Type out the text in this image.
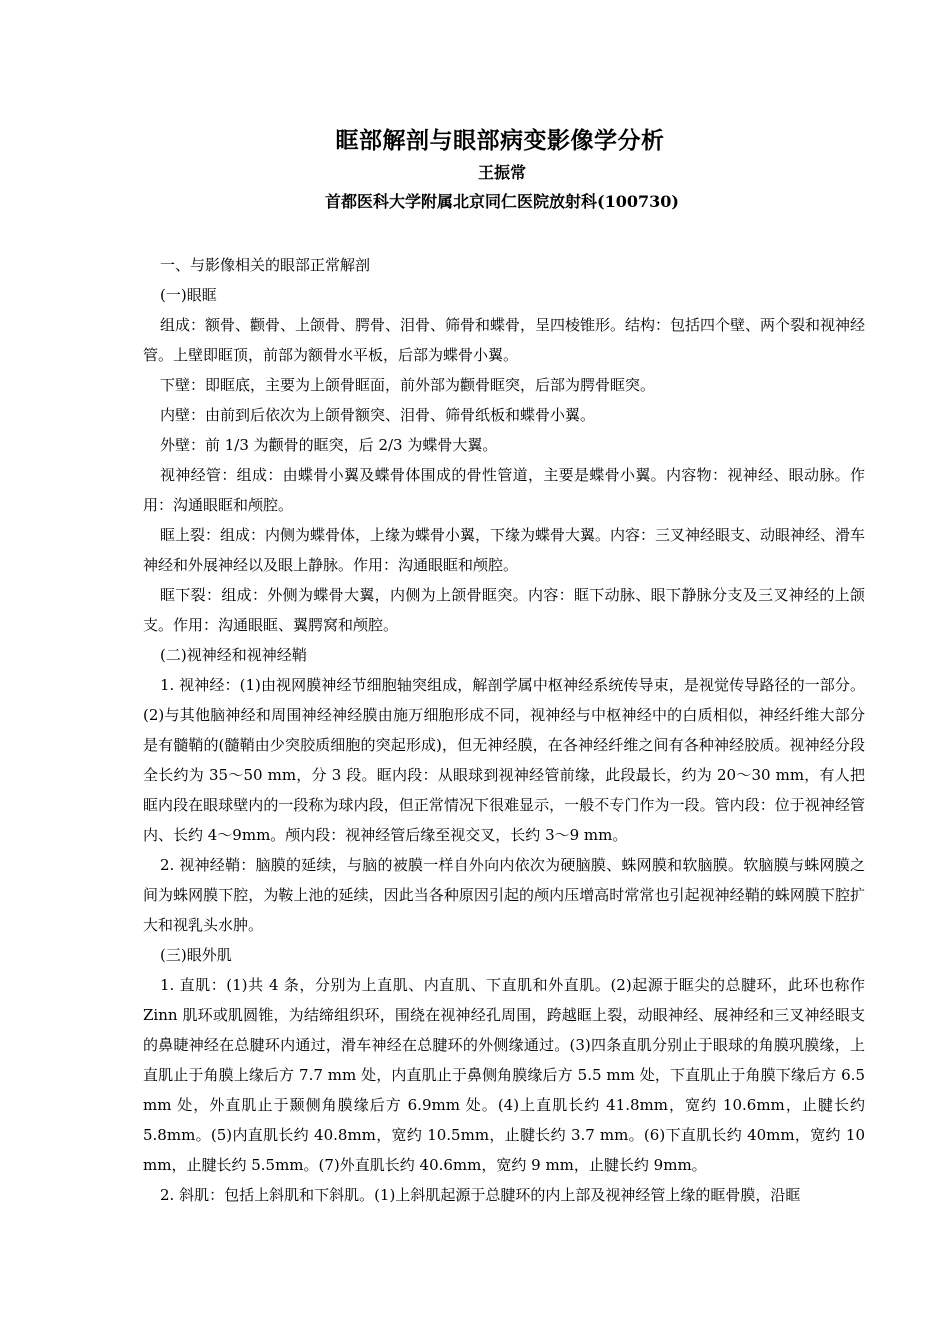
眶部解剖与眼部病变影像学分析
王振常
首都医科大学附属北京同仁医院放射科(100730)

一、与影像相关的眼部正常解剖

(一)眼眶

组成：额骨、颧骨、上颌骨、腭骨、泪骨、筛骨和蝶骨，呈四棱锥形。结构：包括四个壁、两个裂和视神经管。上壁即眶顶，前部为额骨水平板，后部为蝶骨小翼。

下壁：即眶底，主要为上颌骨眶面，前外部为颧骨眶突，后部为腭骨眶突。

内壁：由前到后依次为上颌骨额突、泪骨、筛骨纸板和蝶骨小翼。

外壁：前 1/3 为颧骨的眶突，后 2/3 为蝶骨大翼。

视神经管：组成：由蝶骨小翼及蝶骨体围成的骨性管道，主要是蝶骨小翼。内容物：视神经、眼动脉。作用：沟通眼眶和颅腔。

眶上裂：组成：内侧为蝶骨体，上缘为蝶骨小翼，下缘为蝶骨大翼。内容：三叉神经眼支、动眼神经、滑车神经和外展神经以及眼上静脉。作用：沟通眼眶和颅腔。

眶下裂：组成：外侧为蝶骨大翼，内侧为上颌骨眶突。内容：眶下动脉、眼下静脉分支及三叉神经的上颌支。作用：沟通眼眶、翼腭窝和颅腔。

(二)视神经和视神经鞘

1. 视神经：(1)由视网膜神经节细胞轴突组成，解剖学属中枢神经系统传导束，是视觉传导路径的一部分。(2)与其他脑神经和周围神经神经膜由施万细胞形成不同，视神经与中枢神经中的白质相似，神经纤维大部分是有髓鞘的(髓鞘由少突胶质细胞的突起形成)，但无神经膜，在各神经纤维之间有各种神经胶质。视神经分段全长约为 35～50 mm，分 3 段。眶内段：从眼球到视神经管前缘，此段最长，约为 20～30 mm，有人把眶内段在眼球壁内的一段称为球内段，但正常情况下很难显示，一般不专门作为一段。管内段：位于视神经管内、长约 4～9mm。颅内段：视神经管后缘至视交叉，长约 3～9 mm。

2. 视神经鞘：脑膜的延续，与脑的被膜一样自外向内依次为硬脑膜、蛛网膜和软脑膜。软脑膜与蛛网膜之间为蛛网膜下腔，为鞍上池的延续，因此当各种原因引起的颅内压增高时常常也引起视神经鞘的蛛网膜下腔扩大和视乳头水肿。

(三)眼外肌

1. 直肌：(1)共 4 条，分别为上直肌、内直肌、下直肌和外直肌。(2)起源于眶尖的总腱环，此环也称作 Zinn 肌环或肌圆锥，为结缔组织环，围绕在视神经孔周围，跨越眶上裂，动眼神经、展神经和三叉神经眼支的鼻睫神经在总腱环内通过，滑车神经在总腱环的外侧缘通过。(3)四条直肌分别止于眼球的角膜巩膜缘，上直肌止于角膜上缘后方 7.7 mm 处，内直肌止于鼻侧角膜缘后方 5.5 mm 处，下直肌止于角膜下缘后方 6.5 mm 处，外直肌止于颞侧角膜缘后方 6.9mm 处。(4)上直肌长约 41.8mm，宽约 10.6mm，止腱长约 5.8mm。(5)内直肌长约 40.8mm，宽约 10.5mm，止腱长约 3.7 mm。(6)下直肌长约 40mm，宽约 10 mm，止腱长约 5.5mm。(7)外直肌长约 40.6mm，宽约 9 mm，止腱长约 9mm。

2. 斜肌：包括上斜肌和下斜肌。(1)上斜肌起源于总腱环的内上部及视神经管上缘的眶骨膜，沿眶
